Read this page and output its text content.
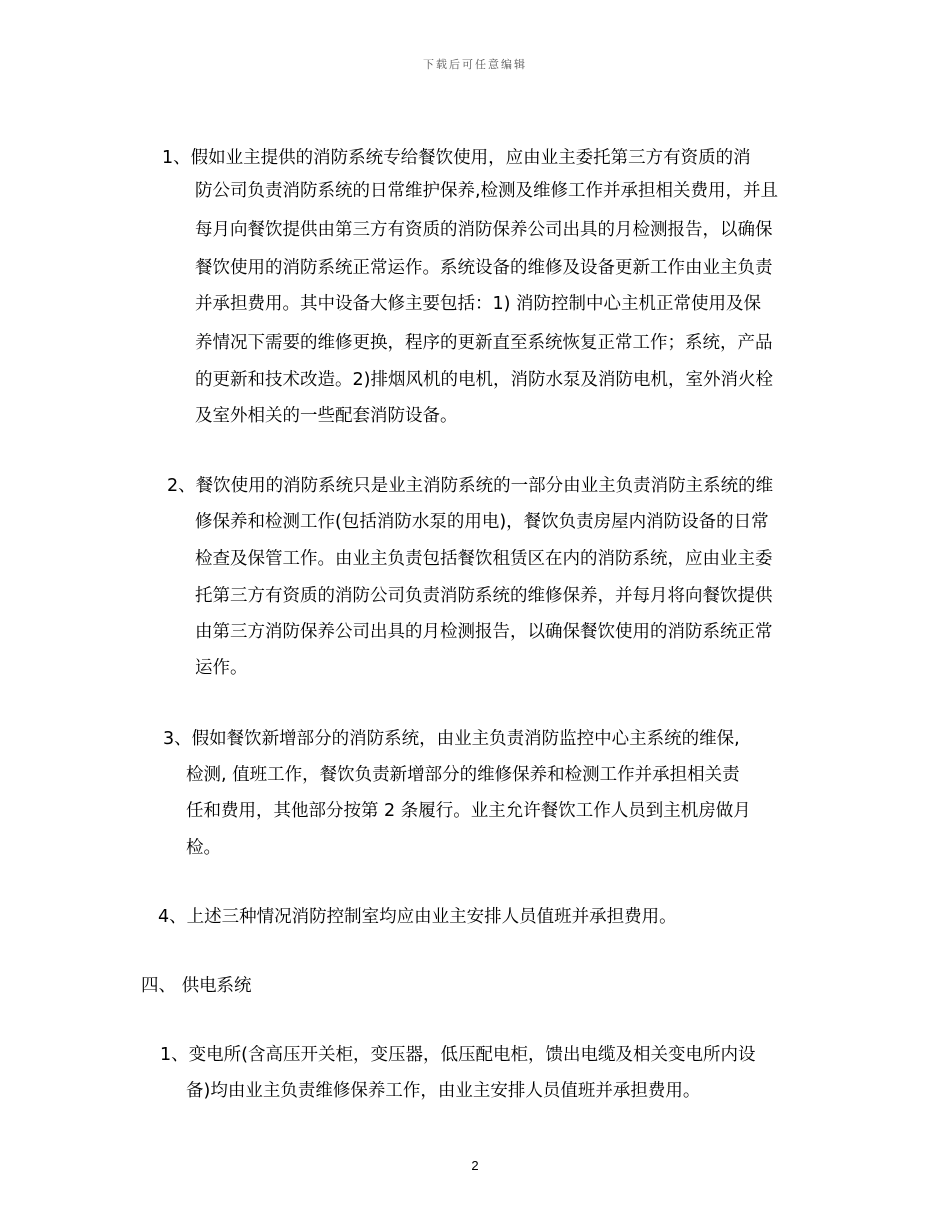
下载后可任意编辑
1、假如业主提供的消防系统专给餐饮使用，应由业主委托第三方有资质的消
防公司负责消防系统的日常维护保养,检测及维修工作并承担相关费用，并且
每月向餐饮提供由第三方有资质的消防保养公司出具的月检测报告，以确保
餐饮使用的消防系统正常运作。系统设备的维修及设备更新工作由业主负责
并承担费用。其中设备大修主要包括：1) 消防控制中心主机正常使用及保
养情况下需要的维修更换，程序的更新直至系统恢复正常工作；系统，产品
的更新和技术改造。2)排烟风机的电机，消防水泵及消防电机，室外消火栓
及室外相关的一些配套消防设备。
2、餐饮使用的消防系统只是业主消防系统的一部分由业主负责消防主系统的维
修保养和检测工作(包括消防水泵的用电)，餐饮负责房屋内消防设备的日常
检查及保管工作。由业主负责包括餐饮租赁区在内的消防系统，应由业主委
托第三方有资质的消防公司负责消防系统的维修保养，并每月将向餐饮提供
由第三方消防保养公司出具的月检测报告，以确保餐饮使用的消防系统正常
运作。
3、假如餐饮新增部分的消防系统，由业主负责消防监控中心主系统的维保,
检测, 值班工作，餐饮负责新增部分的维修保养和检测工作并承担相关责
任和费用，其他部分按第 2 条履行。业主允许餐饮工作人员到主机房做月
检。
4、上述三种情况消防控制室均应由业主安排人员值班并承担费用。
四、 供电系统
1、变电所(含高压开关柜，变压器，低压配电柜，馈出电缆及相关变电所内设
备)均由业主负责维修保养工作，由业主安排人员值班并承担费用。
2
